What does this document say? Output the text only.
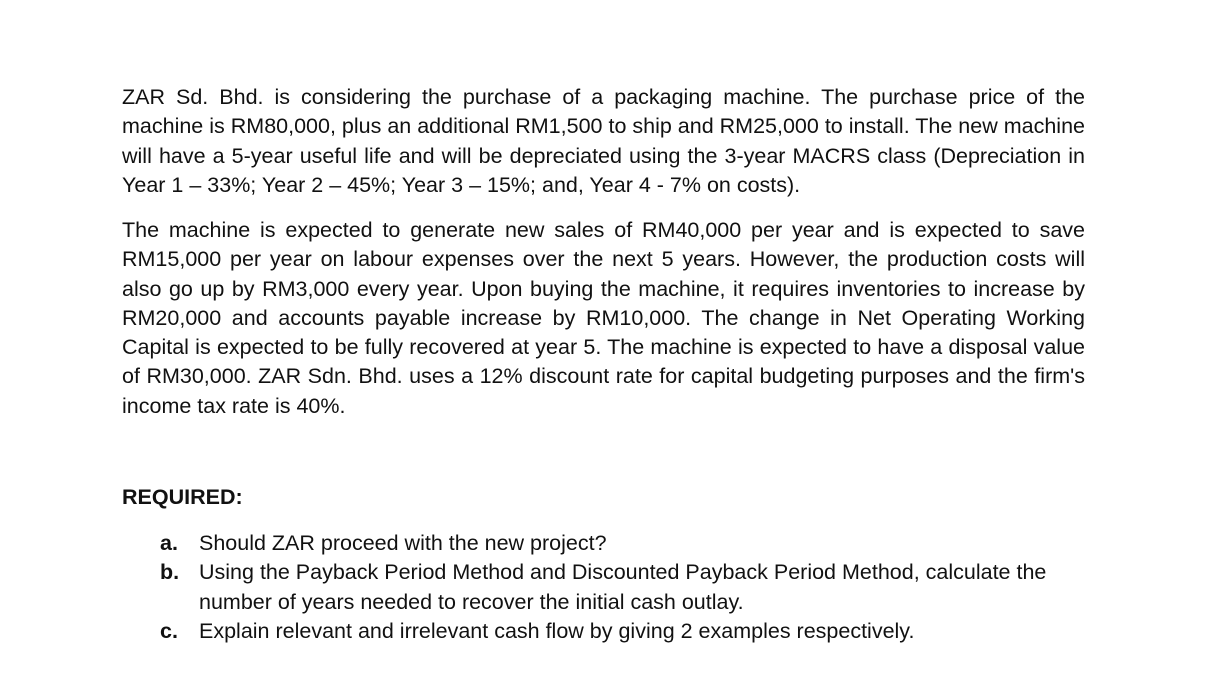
ZAR Sd. Bhd. is considering the purchase of a packaging machine. The purchase price of the machine is RM80,000, plus an additional RM1,500 to ship and RM25,000 to install. The new machine will have a 5-year useful life and will be depreciated using the 3-year MACRS class (Depreciation in Year 1 – 33%; Year 2 – 45%; Year 3 – 15%; and, Year 4 - 7% on costs).

The machine is expected to generate new sales of RM40,000 per year and is expected to save RM15,000 per year on labour expenses over the next 5 years. However, the production costs will also go up by RM3,000 every year. Upon buying the machine, it requires inventories to increase by RM20,000 and accounts payable increase by RM10,000. The change in Net Operating Working Capital is expected to be fully recovered at year 5. The machine is expected to have a disposal value of RM30,000. ZAR Sdn. Bhd. uses a 12% discount rate for capital budgeting purposes and the firm's income tax rate is 40%.

REQUIRED:

a. Should ZAR proceed with the new project?
b. Using the Payback Period Method and Discounted Payback Period Method, calculate the number of years needed to recover the initial cash outlay.
c. Explain relevant and irrelevant cash flow by giving 2 examples respectively.
